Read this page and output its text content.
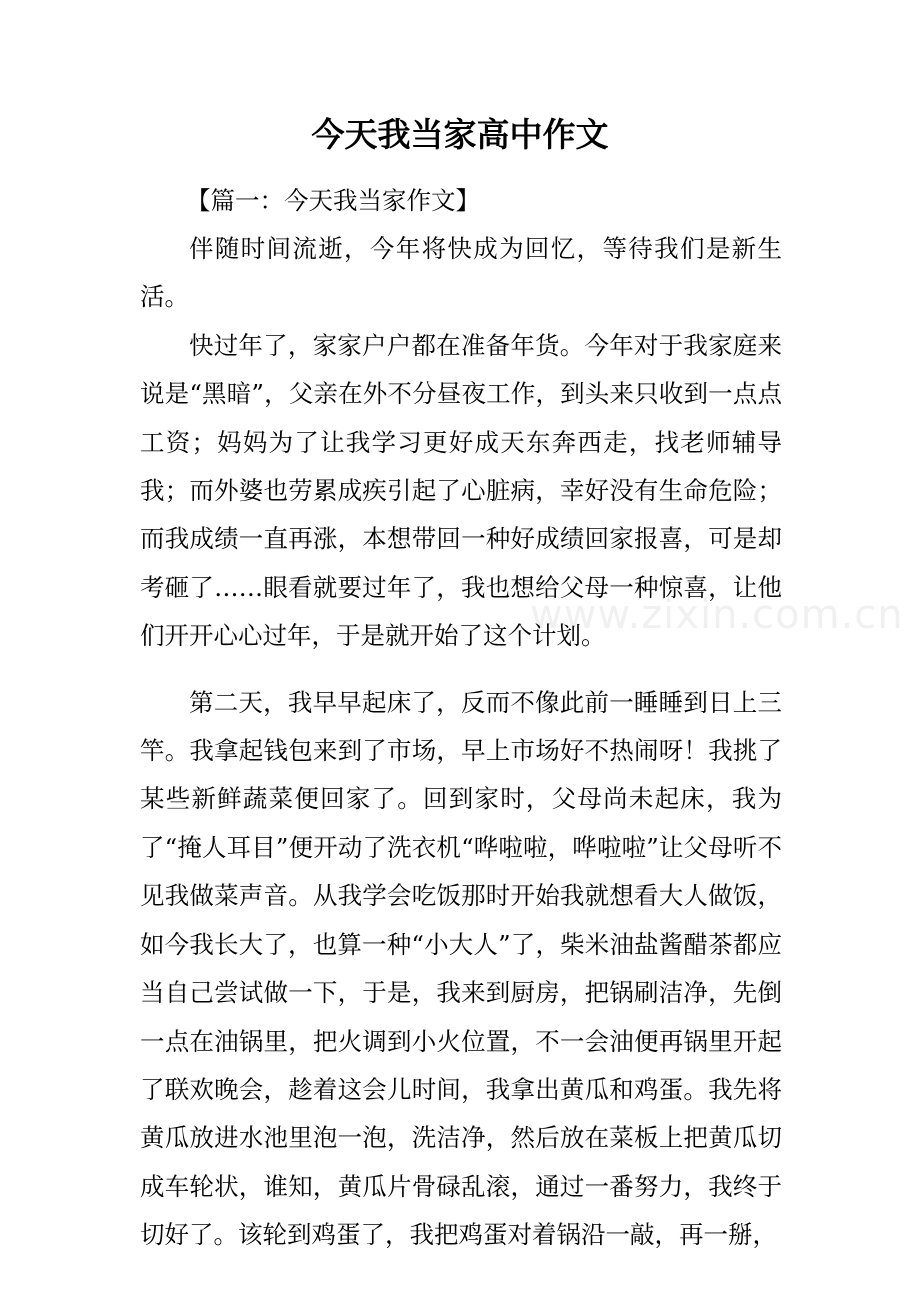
今天我当家高中作文
【篇一：今天我当家作文】

伴随时间流逝，今年将快成为回忆，等待我们是新生活。

快过年了，家家户户都在准备年货。今年对于我家庭来说是“黑暗”，父亲在外不分昼夜工作，到头来只收到一点点工资；妈妈为了让我学习更好成天东奔西走，找老师辅导我；而外婆也劳累成疾引起了心脏病，幸好没有生命危险；而我成绩一直再涨，本想带回一种好成绩回家报喜，可是却考砸了……眼看就要过年了，我也想给父母一种惊喜，让他们开开心心过年，于是就开始了这个计划。

第二天，我早早起床了，反而不像此前一睡睡到日上三竿。我拿起钱包来到了市场，早上市场好不热闹呀！我挑了某些新鲜蔬菜便回家了。回到家时，父母尚未起床，我为了“掩人耳目”便开动了洗衣机“哗啦啦，哗啦啦”让父母听不见我做菜声音。从我学会吃饭那时开始我就想看大人做饭，如今我长大了，也算一种“小大人”了，柴米油盐酱醋茶都应当自己尝试做一下，于是，我来到厨房，把锅刷洁净，先倒一点在油锅里，把火调到小火位置，不一会油便再锅里开起了联欢晚会，趁着这会儿时间，我拿出黄瓜和鸡蛋。我先将黄瓜放进水池里泡一泡，洗洁净，然后放在菜板上把黄瓜切成车轮状，谁知，黄瓜片骨碌乱滚，通过一番努力，我终于切好了。该轮到鸡蛋了，我把鸡蛋对着锅沿一敲，再一掰，

www.zixin.com.cn
